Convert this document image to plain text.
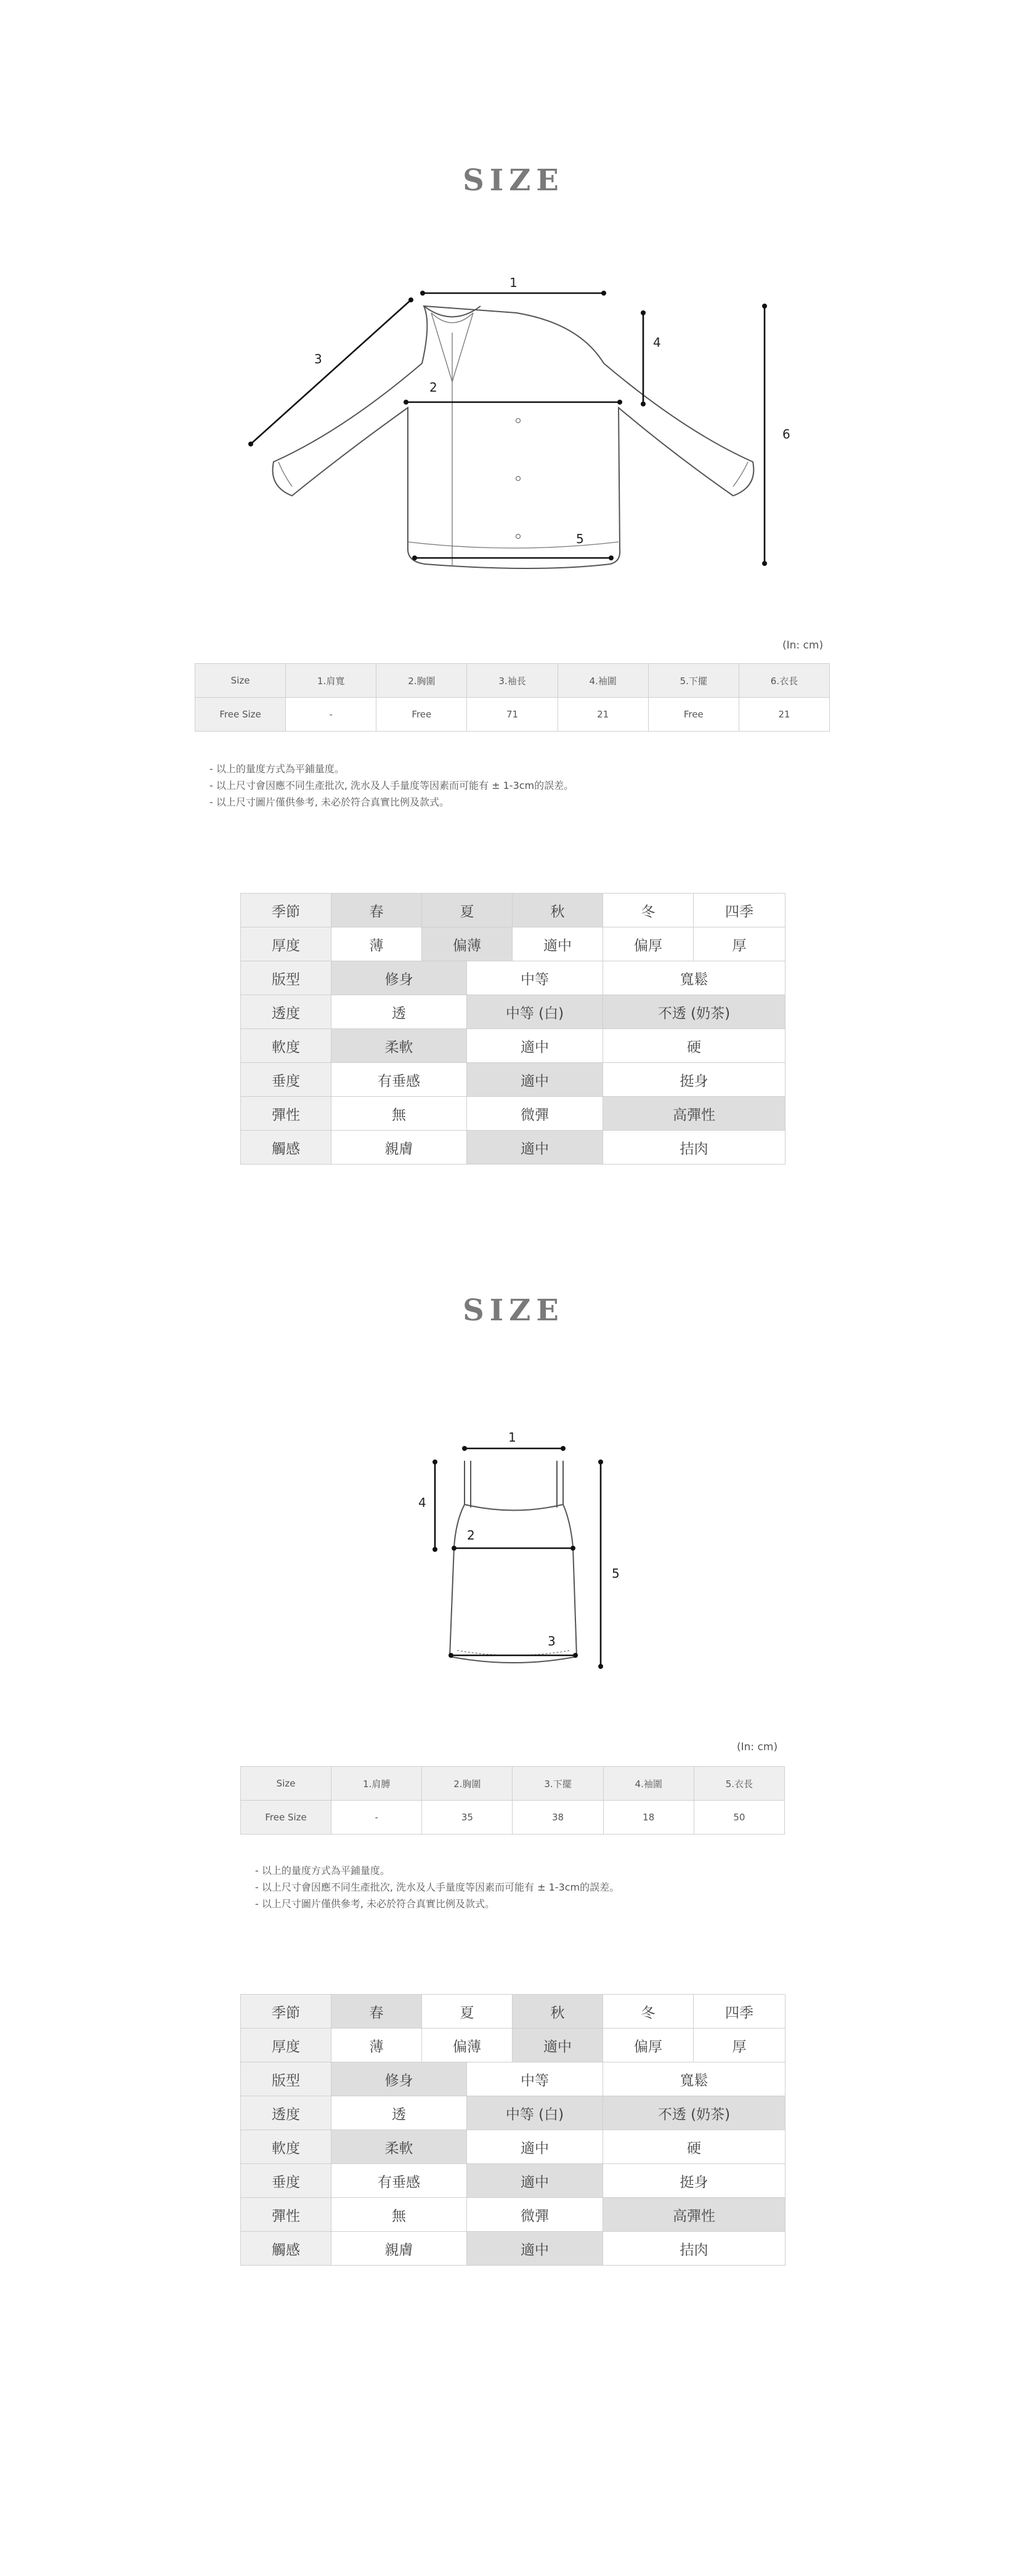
SIZE
1
2
3
4
5
6
(In: cm)
Size	1.肩寬	2.胸圍	3.袖長	4.袖圍	5.下擺	6.衣長
Free Size	-	Free	71	21	Free	21
- 以上的量度方式為平鋪量度。
- 以上尺寸會因應不同生產批次, 洗水及人手量度等因素而可能有 ± 1-3cm的誤差。
- 以上尺寸圖片僅供參考, 未必於符合真實比例及款式。
季節	春	夏		秋	冬	四季
厚度	薄	偏薄		適中	偏厚	厚
版型	修身		中等		寬鬆	
透度	透		中等 (白)		不透 (奶茶)	
軟度	柔軟		適中		硬	
垂度	有垂感		適中		挺身	
彈性	無		微彈		高彈性	
觸感	親膚		適中		拮肉	
SIZE
1
2
3
4
5
(In: cm)
Size	1.肩膊	2.胸圍	3.下擺	4.袖圍	5.衣長
Free Size	-	35	38	18	50
- 以上的量度方式為平鋪量度。
- 以上尺寸會因應不同生產批次, 洗水及人手量度等因素而可能有 ± 1-3cm的誤差。
- 以上尺寸圖片僅供參考, 未必於符合真實比例及款式。
季節	春	夏		秋	冬	四季
厚度	薄	偏薄		適中	偏厚	厚
版型	修身		中等		寬鬆	
透度	透		中等 (白)		不透 (奶茶)	
軟度	柔軟		適中		硬	
垂度	有垂感		適中		挺身	
彈性	無		微彈		高彈性	
觸感	親膚		適中		拮肉	
